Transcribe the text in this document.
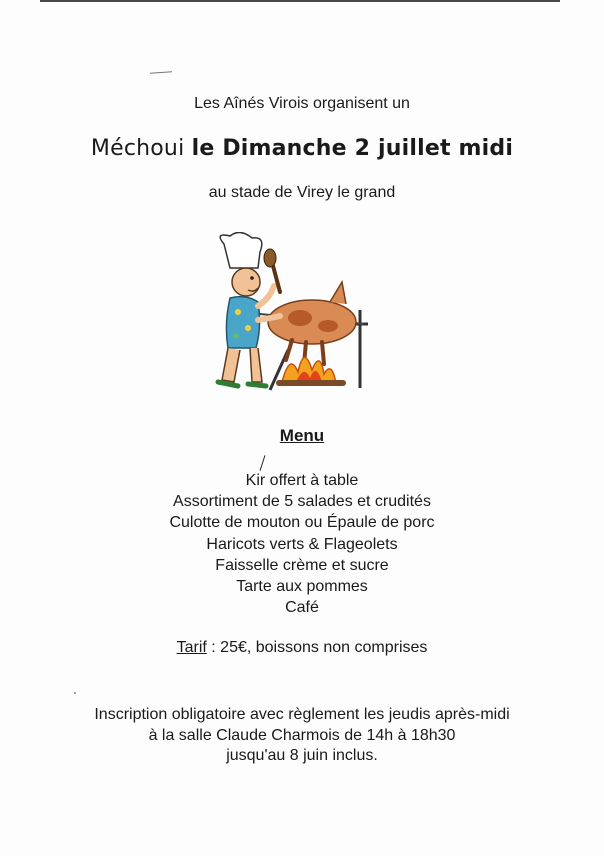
Les Aînés Virois organisent un
Méchoui le Dimanche 2 juillet midi
au stade de Virey le grand
Menu
Kir offert à table
Assortiment de 5 salades et crudités
Culotte de mouton ou Épaule de porc
Haricots verts & Flageolets
Faisselle crème et sucre
Tarte aux pommes
Café
Tarif : 25€, boissons non comprises
Inscription obligatoire avec règlement les jeudis après-midi
à la salle Claude Charmois de 14h à 18h30
jusqu'au 8 juin inclus.
